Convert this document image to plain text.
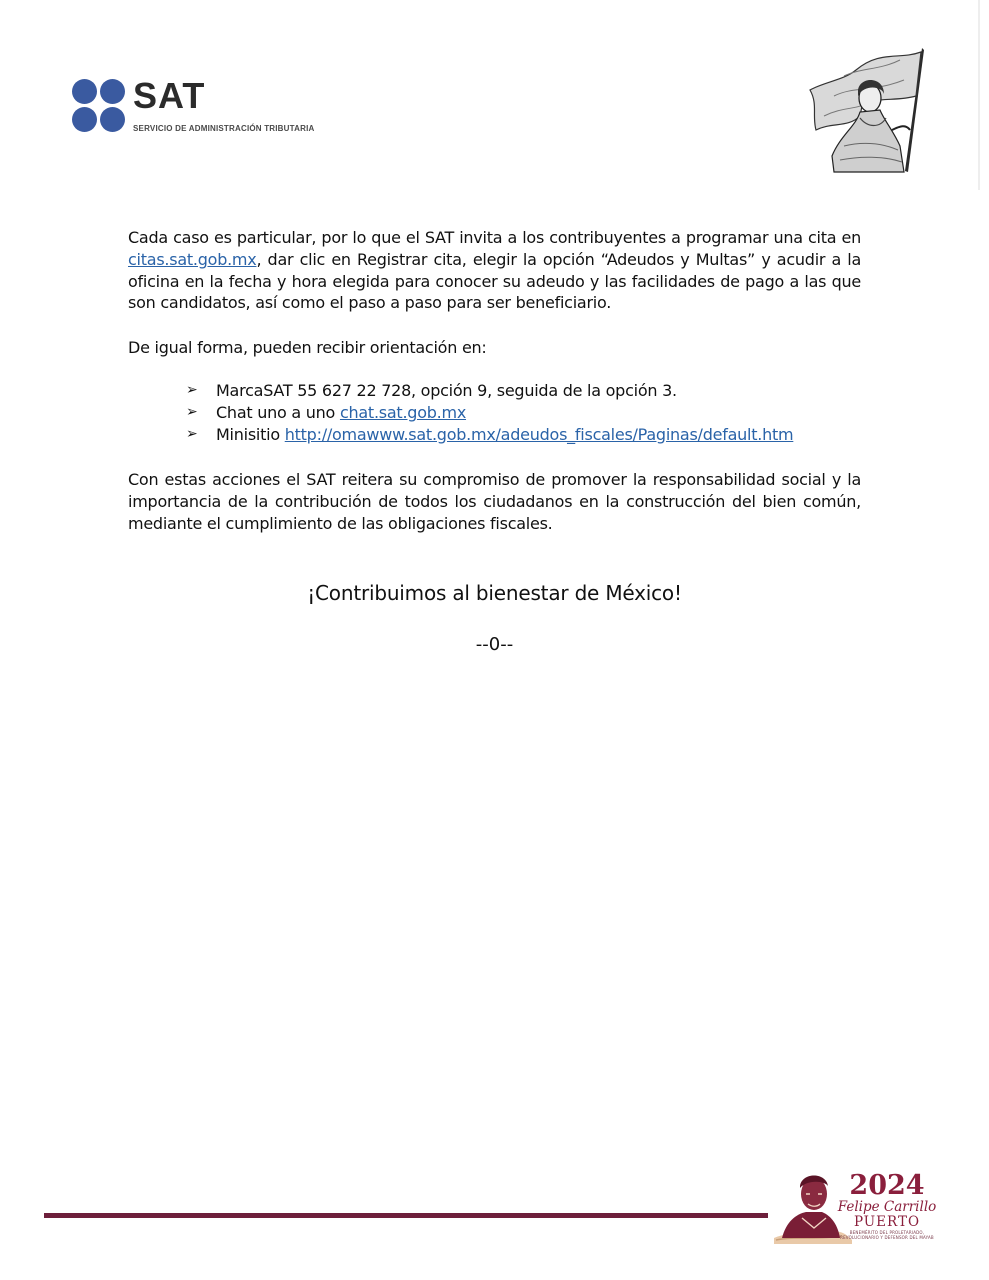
SAT
SERVICIO DE ADMINISTRACIÓN TRIBUTARIA

Cada caso es particular, por lo que el SAT invita a los contribuyentes a programar una cita en citas.sat.gob.mx, dar clic en Registrar cita, elegir la opción “Adeudos y Multas” y acudir a la oficina en la fecha y hora elegida para conocer su adeudo y las facilidades de pago a las que son candidatos, así como el paso a paso para ser beneficiario.

De igual forma, pueden recibir orientación en:

➢ MarcaSAT 55 627 22 728, opción 9, seguida de la opción 3.
➢ Chat uno a uno chat.sat.gob.mx
➢ Minisitio http://omawww.sat.gob.mx/adeudos_fiscales/Paginas/default.htm

Con estas acciones el SAT reitera su compromiso de promover la responsabilidad social y la importancia de la contribución de todos los ciudadanos en la construcción del bien común, mediante el cumplimiento de las obligaciones fiscales.

¡Contribuimos al bienestar de México!

--0--

2024
Felipe Carrillo
PUERTO
BENEMÉRITO DEL PROLETARIADO, REVOLUCIONARIO Y DEFENSOR DEL MAYAB
